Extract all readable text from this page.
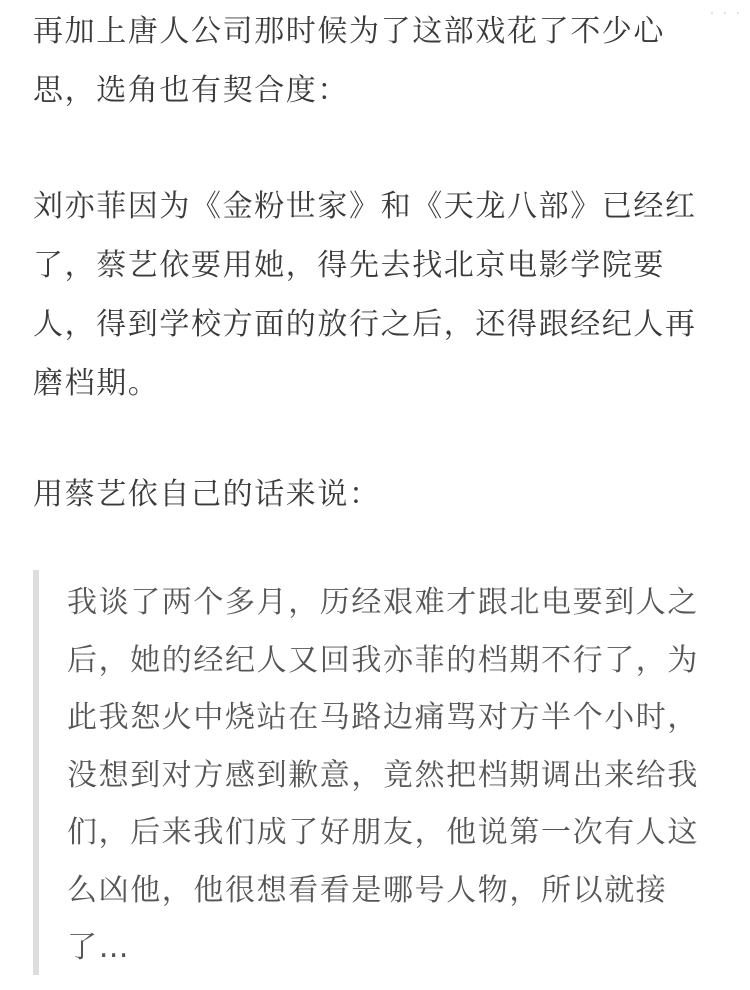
再加上唐人公司那时候为了这部戏花了不少心
思，选角也有契合度：

刘亦菲因为《金粉世家》和《天龙八部》已经红
了，蔡艺依要用她，得先去找北京电影学院要
人，得到学校方面的放行之后，还得跟经纪人再
磨档期。

用蔡艺依自己的话来说：

我谈了两个多月，历经艰难才跟北电要到人之
后，她的经纪人又回我亦菲的档期不行了，为
此我恕火中烧站在马路边痛骂对方半个小时，
没想到对方感到歉意，竟然把档期调出来给我
们，后来我们成了好朋友，他说第一次有人这
么凶他，他很想看看是哪号人物，所以就接
了…

· · ·
